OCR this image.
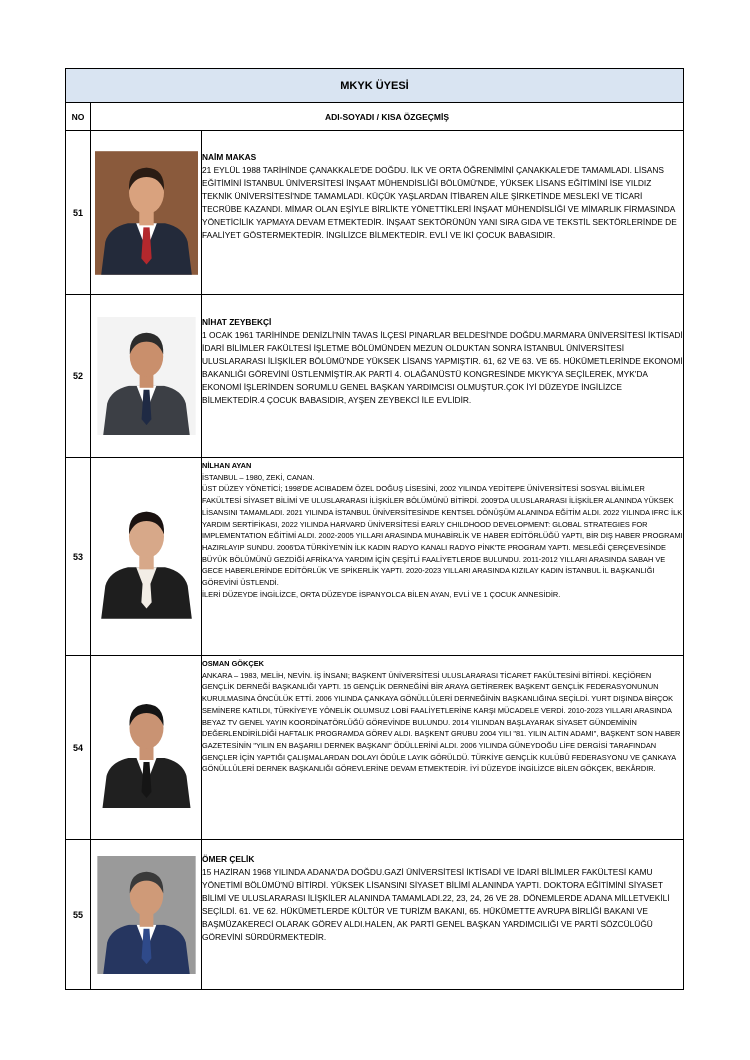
MKYK ÜYESİ		
NO	ADI-SOYADI / KISA ÖZGEÇMİŞ	
51		NAİM MAKAS
21 EYLÜL 1988 TARİHİNDE ÇANAKKALE'DE DOĞDU. İLK VE ORTA ÖĞRENİMİNİ ÇANAKKALE'DE TAMAMLADI. LİSANS EĞİTİMİNİ İSTANBUL ÜNİVERSİTESİ İNŞAAT MÜHENDİSLİĞİ BÖLÜMÜ'NDE, YÜKSEK LİSANS EĞİTİMİNİ İSE YILDIZ TEKNİK ÜNİVERSİTESİ'NDE TAMAMLADI. KÜÇÜK YAŞLARDAN İTİBAREN AİLE ŞİRKETİNDE MESLEKİ VE TİCARİ TECRÜBE KAZANDI. MİMAR OLAN EŞİYLE BİRLİKTE YÖNETTİKLERİ İNŞAAT MÜHENDİSLİĞİ VE MİMARLIK FİRMASINDA YÖNETİCİLİK YAPMAYA DEVAM ETMEKTEDİR. İNŞAAT SEKTÖRÜNÜN YANI SIRA GIDA VE TEKSTİL SEKTÖRLERİNDE DE FAALİYET GÖSTERMEKTEDİR. İNGİLİZCE BİLMEKTEDİR. EVLİ VE İKİ ÇOCUK BABASIDIR.

52		NİHAT ZEYBEKÇİ
1 OCAK 1961 TARİHİNDE DENİZLİ'NİN TAVAS İLÇESİ PINARLAR BELDESİ'NDE DOĞDU.MARMARA ÜNİVERSİTESİ İKTİSADİ İDARİ BİLİMLER FAKÜLTESİ İŞLETME BÖLÜMÜNDEN MEZUN OLDUKTAN SONRA İSTANBUL ÜNİVERSİTESİ ULUSLARARASI İLİŞKİLER BÖLÜMÜ'NDE YÜKSEK LİSANS YAPMIŞTIR. 61, 62 VE 63. VE 65. HÜKÜMETLERİNDE EKONOMİ BAKANLIĞI GÖREVİNİ ÜSTLENMİŞTİR.AK PARTİ 4. OLAĞANÜSTÜ KONGRESİNDE MKYK'YA SEÇİLEREK, MYK'DA EKONOMİ İŞLERİNDEN SORUMLU GENEL BAŞKAN YARDIMCISI OLMUŞTUR.ÇOK İYİ DÜZEYDE İNGİLİZCE BİLMEKTEDİR.4 ÇOCUK BABASIDIR, AYŞEN ZEYBEKCİ İLE EVLİDİR.

53		NİLHAN AYAN
İSTANBUL – 1980, ZEKİ, CANAN.
ÜST DÜZEY YÖNETİCİ; 1998'DE ACIBADEM ÖZEL DOĞUŞ LİSESİNİ, 2002 YILINDA YEDİTEPE ÜNİVERSİTESİ SOSYAL BİLİMLER FAKÜLTESİ SİYASET BİLİMİ VE ULUSLARARASI İLİŞKİLER BÖLÜMÜNÜ BİTİRDİ. 2009'DA ULUSLARARASI İLİŞKİLER ALANINDA YÜKSEK LİSANSINI TAMAMLADI. 2021 YILINDA İSTANBUL ÜNİVERSİTESİNDE KENTSEL DÖNÜŞÜM ALANINDA EĞİTİM ALDI. 2022 YILINDA IFRC İLK YARDIM SERTİFİKASI, 2022 YILINDA HARVARD ÜNİVERSİTESİ EARLY CHILDHOOD DEVELOPMENT: GLOBAL STRATEGIES FOR IMPLEMENTATION EĞİTİMİ ALDI. 2002-2005 YILLARI ARASINDA MUHABİRLİK VE HABER EDİTÖRLÜĞÜ YAPTI, BİR DIŞ HABER PROGRAMI HAZIRLAYIP SUNDU. 2006'DA TÜRKİYE'NİN İLK KADIN RADYO KANALI RADYO PİNK'TE PROGRAM YAPTI. MESLEĞİ ÇERÇEVESİNDE BÜYÜK BÖLÜMÜNÜ GEZDİĞİ AFRİKA'YA YARDIM İÇİN ÇEŞİTLİ FAALİYETLERDE BULUNDU. 2011-2012 YILLARI ARASINDA SABAH VE GECE HABERLERİNDE EDİTÖRLÜK VE SPİKERLİK YAPTI. 2020-2023 YILLARI ARASINDA KIZILAY KADIN İSTANBUL İL BAŞKANLIĞI GÖREVİNİ ÜSTLENDİ.
İLERİ DÜZEYDE İNGİLİZCE, ORTA DÜZEYDE İSPANYOLCA BİLEN AYAN, EVLİ VE 1 ÇOCUK ANNESİDİR.

54		OSMAN GÖKÇEK
ANKARA – 1983, MELİH, NEVİN. İŞ İNSANI; BAŞKENT ÜNİVERSİTESİ ULUSLARARASI TİCARET FAKÜLTESİNİ BİTİRDİ. KEÇİÖREN GENÇLİK DERNEĞİ BAŞKANLIĞI YAPTI. 15 GENÇLİK DERNEĞİNİ BİR ARAYA GETİREREK BAŞKENT GENÇLİK FEDERASYONUNUN KURULMASINA ÖNCÜLÜK ETTİ. 2006 YILINDA ÇANKAYA GÖNÜLLÜLERİ DERNEĞİNİN BAŞKANLIĞINA SEÇİLDİ. YURT DIŞINDA BİRÇOK SEMİNERE KATILDI, TÜRKİYE'YE YÖNELİK OLUMSUZ LOBİ FAALİYETLERİNE KARŞI MÜCADELE VERDİ. 2010-2023 YILLARI ARASINDA BEYAZ TV GENEL YAYIN KOORDİNATÖRLÜĞÜ GÖREVİNDE BULUNDU. 2014 YILINDAN BAŞLAYARAK SİYASET GÜNDEMİNİN DEĞERLENDİRİLDİĞİ HAFTALIK PROGRAMDA GÖREV ALDI. BAŞKENT GRUBU 2004 YILI "81. YILIN ALTIN ADAMI", BAŞKENT SON HABER GAZETESİNİN "YILIN EN BAŞARILI DERNEK BAŞKANI" ÖDÜLLERİNİ ALDI. 2006 YILINDA GÜNEYDOĞU LİFE DERGİSİ TARAFINDAN GENÇLER İÇİN YAPTIĞI ÇALIŞMALARDAN DOLAYI ÖDÜLE LAYIK GÖRÜLDÜ. TÜRKİYE GENÇLİK KULÜBÜ FEDERASYONU VE ÇANKAYA GÖNÜLLÜLERİ DERNEK BAŞKANLIĞI GÖREVLERİNE DEVAM ETMEKTEDİR. İYİ DÜZEYDE İNGİLİZCE BİLEN GÖKÇEK, BEKÂRDIR.

55		ÖMER ÇELİK
15 HAZİRAN 1968 YILINDA ADANA'DA DOĞDU.GAZİ ÜNİVERSİTESİ İKTİSADİ VE İDARİ BİLİMLER FAKÜLTESİ KAMU YÖNETİMİ BÖLÜMÜ'NÜ BİTİRDİ. YÜKSEK LİSANSINI SİYASET BİLİMİ ALANINDA YAPTI. DOKTORA EĞİTİMİNİ SİYASET BİLİMİ VE ULUSLARARASI İLİŞKİLER ALANINDA TAMAMLADI.22, 23, 24, 26 VE 28. DÖNEMLERDE ADANA MİLLETVEKİLİ SEÇİLDİ. 61. VE 62. HÜKÜMETLERDE KÜLTÜR VE TURİZM BAKANI, 65. HÜKÜMETTE AVRUPA BİRLİĞİ BAKANI VE BAŞMÜZAKERECİ OLARAK GÖREV ALDI.HALEN, AK PARTİ GENEL BAŞKAN YARDIMCILIĞI VE PARTİ SÖZCÜLÜĞÜ GÖREVİNİ SÜRDÜRMEKTEDİR.
